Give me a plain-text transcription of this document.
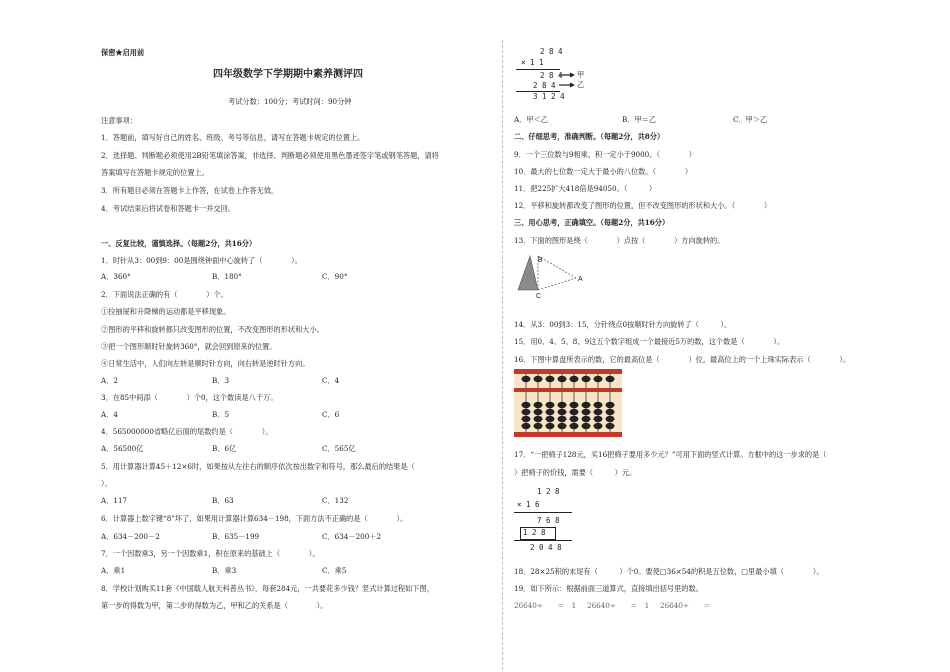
保密★启用前
四年级数学下学期期中素养测评四
考试分数：100分；考试时间：90分钟
注意事项：
1．答题前，填写好自己的姓名、班级、考号等信息，请写在答题卡规定的位置上。
2．选择题、判断题必须使用2B铅笔填涂答案，非选择、判断题必须使用黑色墨迹签字笔或钢笔答题，请将
答案填写在答题卡规定的位置上。
3．所有题目必须在答题卡上作答，在试卷上作答无效。
4．考试结束后将试卷和答题卡一并交回。
一、反复比较，谨慎选择。（每题2分，共16分）
1．时针从3：00到9：00是围绕钟面中心旋转了（　　　　）。
A．360°	B．180°	C．90°
2．下面说法正确的有（　　　　）个。
①拉抽屉和升降梯的运动都是平移现象。
②图形的平移和旋转都只改变图形的位置，不改变图形的形状和大小。
③把一个图形顺时针旋转360°，就会回到原来的位置。
④日常生活中，人们向左转是顺时针方向，向右转是逆时针方向。
A．2	B．3	C．4
3．在85中间添（　　　　）个0，这个数读是八千万。
A．4	B．5	C．6
4．565000000省略亿后面的尾数约是（　　　　）。
A．56500亿	B．6亿	C．565亿
5．用计算器计算45＋12×6时，如果按从左往右的顺序依次按出数字和符号，那么最后的结果是（　　　　
）。
A．117	B．63	C．132
6．计算器上数字键“8”坏了，如果用计算器计算634－198，下面方法不正确的是（　　　　）。
A．634－200－2	B．635－199	C．634－200＋2
7．一个因数乘3，另一个因数乘1，积在原来的基础上（　　　　）。
A．乘1	B．乘3	C．乘5
8．学校计划购买11套《中国载人航天科普丛书》，每套284元，一共要花多少钱？竖式计算过程如下图，
第一步的得数为甲，第二步的得数为乙，甲和乙的关系是（　　　　）。
2 8 4
× 1 1
2 8 4
2 8 4
3 1 2 4
甲
乙
A．甲＜乙	B．甲＝乙	C．甲＞乙
二、仔细思考，准确判断。（每题2分，共8分）
9．一个三位数与9相乘，积一定小于9000。（　　　　）
10．最大的七位数一定大于最小的八位数。（　　　　）
11．把225扩大418倍是94050。（　　　）
12．平移和旋转都改变了图形的位置，但不改变图形的形状和大小。（　　　　）
三、用心思考，正确填空。（每题2分，共16分）
13．下面的图形是绕（　　　　）点按（　　　　）方向旋转的。
B
C
A
14．从3：00到3：15，分针绕点0按顺时针方向旋转了（　　　）。
15．用0、4、5、8、9这五个数字组成一个最接近5万的数，这个数是（　　　　）。
16．下图中算盘所表示的数，它的最高位是（　　　　）位，最高位上的一个上珠实际表示（　　　　）。
17．“一把椅子128元，买16把椅子要用多少元？”可用下面的竖式计算。方框中的这一步求的是（
）把椅子的价钱，需要（　　　）元。
1 2 8
× 1 6
7 6 8
1 2 8
2 0 4 8
18．28×25积的末尾有（　　　）个0。要使□36×54的积是五位数，□里最小填（　　　　）。
19．如下所示：根据前面三道算式，直接填出括号里的数。
26640÷　　＝　1 26640÷　　＝　1 26640÷　　＝
